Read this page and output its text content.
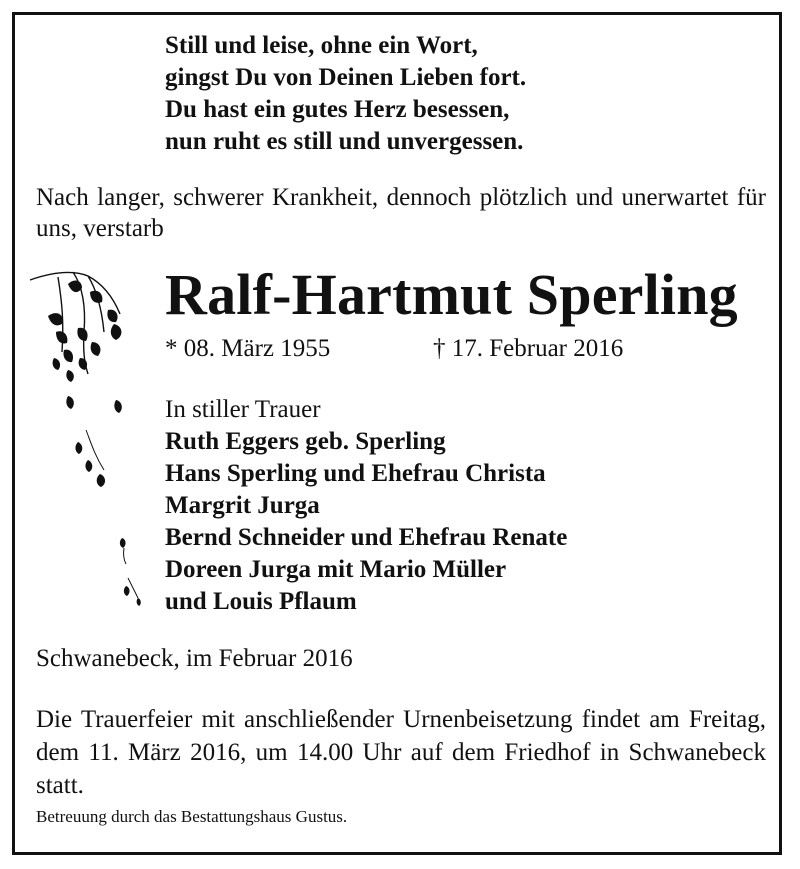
Still und leise, ohne ein Wort,
gingst Du von Deinen Lieben fort.
Du hast ein gutes Herz besessen,
nun ruht es still und unvergessen.
Nach langer, schwerer Krankheit, dennoch plötzlich und unerwartet für uns, verstarb
Ralf-Hartmut Sperling
* 08. März 1955	† 17. Februar 2016
In stiller Trauer
Ruth Eggers geb. Sperling
Hans Sperling und Ehefrau Christa
Margrit Jurga
Bernd Schneider und Ehefrau Renate
Doreen Jurga mit Mario Müller
und Louis Pflaum
Schwanebeck, im Februar 2016
Die Trauerfeier mit anschließender Urnenbeisetzung findet am Freitag, dem 11. März 2016, um 14.00 Uhr auf dem Friedhof in Schwanebeck statt.
Betreuung durch das Bestattungshaus Gustus.
